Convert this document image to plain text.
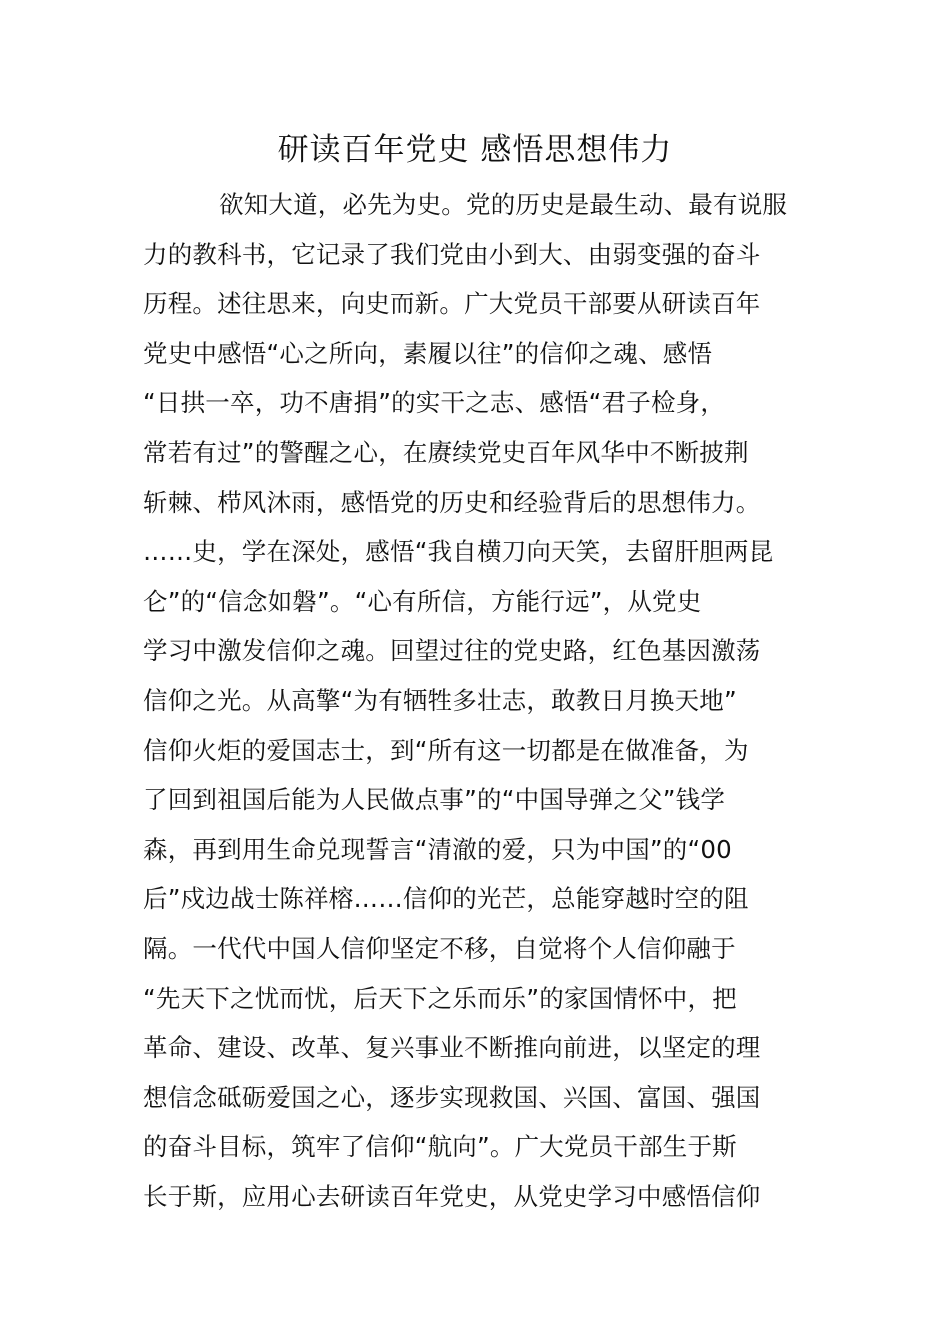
研读百年党史 感悟思想伟力
欲知大道，必先为史。党的历史是最生动、最有说服
力的教科书，它记录了我们党由小到大、由弱变强的奋斗
历程。述往思来，向史而新。广大党员干部要从研读百年
党史中感悟“心之所向，素履以往”的信仰之魂、感悟
“日拱一卒，功不唐捐”的实干之志、感悟“君子检身，
常若有过”的警醒之心，在赓续党史百年风华中不断披荆
斩棘、栉风沐雨，感悟党的历史和经验背后的思想伟力。
……史，学在深处，感悟“我自横刀向天笑，去留肝胆两昆
仑”的“信念如磐”。“心有所信，方能行远”，从党史
学习中激发信仰之魂。回望过往的党史路，红色基因激荡
信仰之光。从高擎“为有牺牲多壮志，敢教日月换天地”
信仰火炬的爱国志士，到“所有这一切都是在做准备，为
了回到祖国后能为人民做点事”的“中国导弹之父”钱学
森，再到用生命兑现誓言“清澈的爱，只为中国”的“00
后”戍边战士陈祥榕……信仰的光芒，总能穿越时空的阻
隔。一代代中国人信仰坚定不移，自觉将个人信仰融于
“先天下之忧而忧，后天下之乐而乐”的家国情怀中，把
革命、建设、改革、复兴事业不断推向前进，以坚定的理
想信念砥砺爱国之心，逐步实现救国、兴国、富国、强国
的奋斗目标，筑牢了信仰“航向”。广大党员干部生于斯
长于斯，应用心去研读百年党史，从党史学习中感悟信仰
